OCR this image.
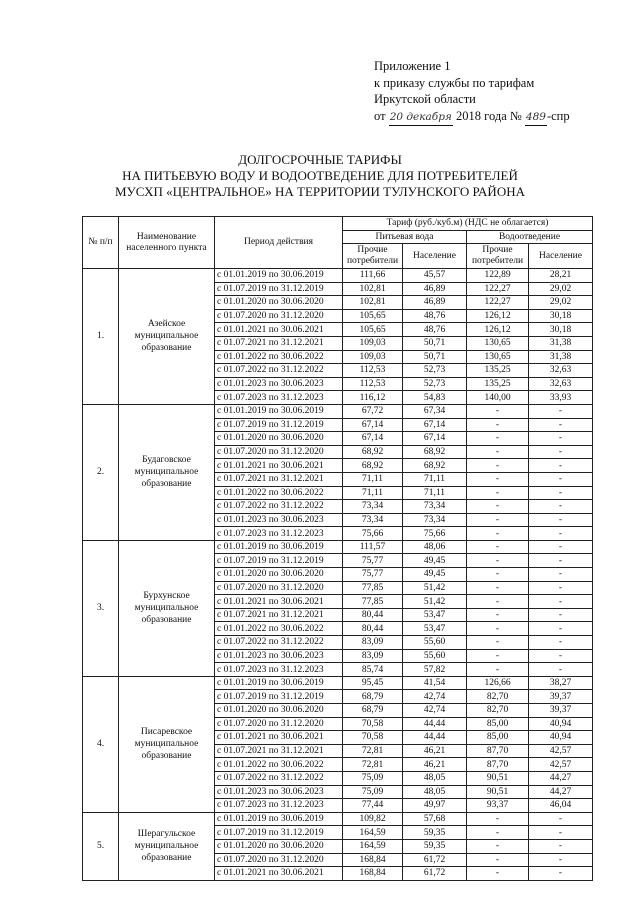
Приложение 1
к приказу службы по тарифам
Иркутской области
от 20 декабря 2018 года № 489-спр
ДОЛГОСРОЧНЫЕ ТАРИФЫ
НА ПИТЬЕВУЮ ВОДУ И ВОДООТВЕДЕНИЕ ДЛЯ ПОТРЕБИТЕЛЕЙ
МУСХП «ЦЕНТРАЛЬНОЕ» НА ТЕРРИТОРИИ ТУЛУНСКОГО РАЙОНА
№ п/п	Наименование населенного пункта	Период действия	Тариф (руб./куб.м) (НДС не облагается)			
			Питьевая вода		Водоотведение	
			Прочие потребители	Население	Прочие потребители	Население
1.	Азейское муниципальное образование	с 01.01.2019 по 30.06.2019	111,66	45,57	122,89	28,21
		с 01.07.2019 по 31.12.2019	102,81	46,89	122,27	29,02
		с 01.01.2020 по 30.06.2020	102,81	46,89	122,27	29,02
		с 01.07.2020 по 31.12.2020	105,65	48,76	126,12	30,18
		с 01.01.2021 по 30.06.2021	105,65	48,76	126,12	30,18
		с 01.07.2021 по 31.12.2021	109,03	50,71	130,65	31,38
		с 01.01.2022 по 30.06.2022	109,03	50,71	130,65	31,38
		с 01.07.2022 по 31.12.2022	112,53	52,73	135,25	32,63
		с 01.01.2023 по 30.06.2023	112,53	52,73	135,25	32,63
		с 01.07.2023 по 31.12.2023	116,12	54,83	140,00	33,93
2.	Будаговское муниципальное образование	с 01.01.2019 по 30.06.2019	67,72	67,34	-	-
		с 01.07.2019 по 31.12.2019	67,14	67,14	-	-
		с 01.01.2020 по 30.06.2020	67,14	67,14	-	-
		с 01.07.2020 по 31.12.2020	68,92	68,92	-	-
		с 01.01.2021 по 30.06.2021	68,92	68,92	-	-
		с 01.07.2021 по 31.12.2021	71,11	71,11	-	-
		с 01.01.2022 по 30.06.2022	71,11	71,11	-	-
		с 01.07.2022 по 31.12.2022	73,34	73,34	-	-
		с 01.01.2023 по 30.06.2023	73,34	73,34	-	-
		с 01.07.2023 по 31.12.2023	75,66	75,66	-	-
3.	Бурхунское муниципальное образование	с 01.01.2019 по 30.06.2019	111,57	48,06	-	-
		с 01.07.2019 по 31.12.2019	75,77	49,45	-	-
		с 01.01.2020 по 30.06.2020	75,77	49,45	-	-
		с 01.07.2020 по 31.12.2020	77,85	51,42	-	-
		с 01.01.2021 по 30.06.2021	77,85	51,42	-	-
		с 01.07.2021 по 31.12.2021	80,44	53,47	-	-
		с 01.01.2022 по 30.06.2022	80,44	53,47	-	-
		с 01.07.2022 по 31.12.2022	83,09	55,60	-	-
		с 01.01.2023 по 30.06.2023	83,09	55,60	-	-
		с 01.07.2023 по 31.12.2023	85,74	57,82	-	-
4.	Писаревское муниципальное образование	с 01.01.2019 по 30.06.2019	95,45	41,54	126,66	38,27
		с 01.07.2019 по 31.12.2019	68,79	42,74	82,70	39,37
		с 01.01.2020 по 30.06.2020	68,79	42,74	82,70	39,37
		с 01.07.2020 по 31.12.2020	70,58	44,44	85,00	40,94
		с 01.01.2021 по 30.06.2021	70,58	44,44	85,00	40,94
		с 01.07.2021 по 31.12.2021	72,81	46,21	87,70	42,57
		с 01.01.2022 по 30.06.2022	72,81	46,21	87,70	42,57
		с 01.07.2022 по 31.12.2022	75,09	48,05	90,51	44,27
		с 01.01.2023 по 30.06.2023	75,09	48,05	90,51	44,27
		с 01.07.2023 по 31.12.2023	77,44	49,97	93,37	46,04
5.	Шерагульское муниципальное образование	с 01.01.2019 по 30.06.2019	109,82	57,68	-	-
		с 01.07.2019 по 31.12.2019	164,59	59,35	-	-
		с 01.01.2020 по 30.06.2020	164,59	59,35	-	-
		с 01.07.2020 по 31.12.2020	168,84	61,72	-	-
		с 01.01.2021 по 30.06.2021	168,84	61,72	-	-
